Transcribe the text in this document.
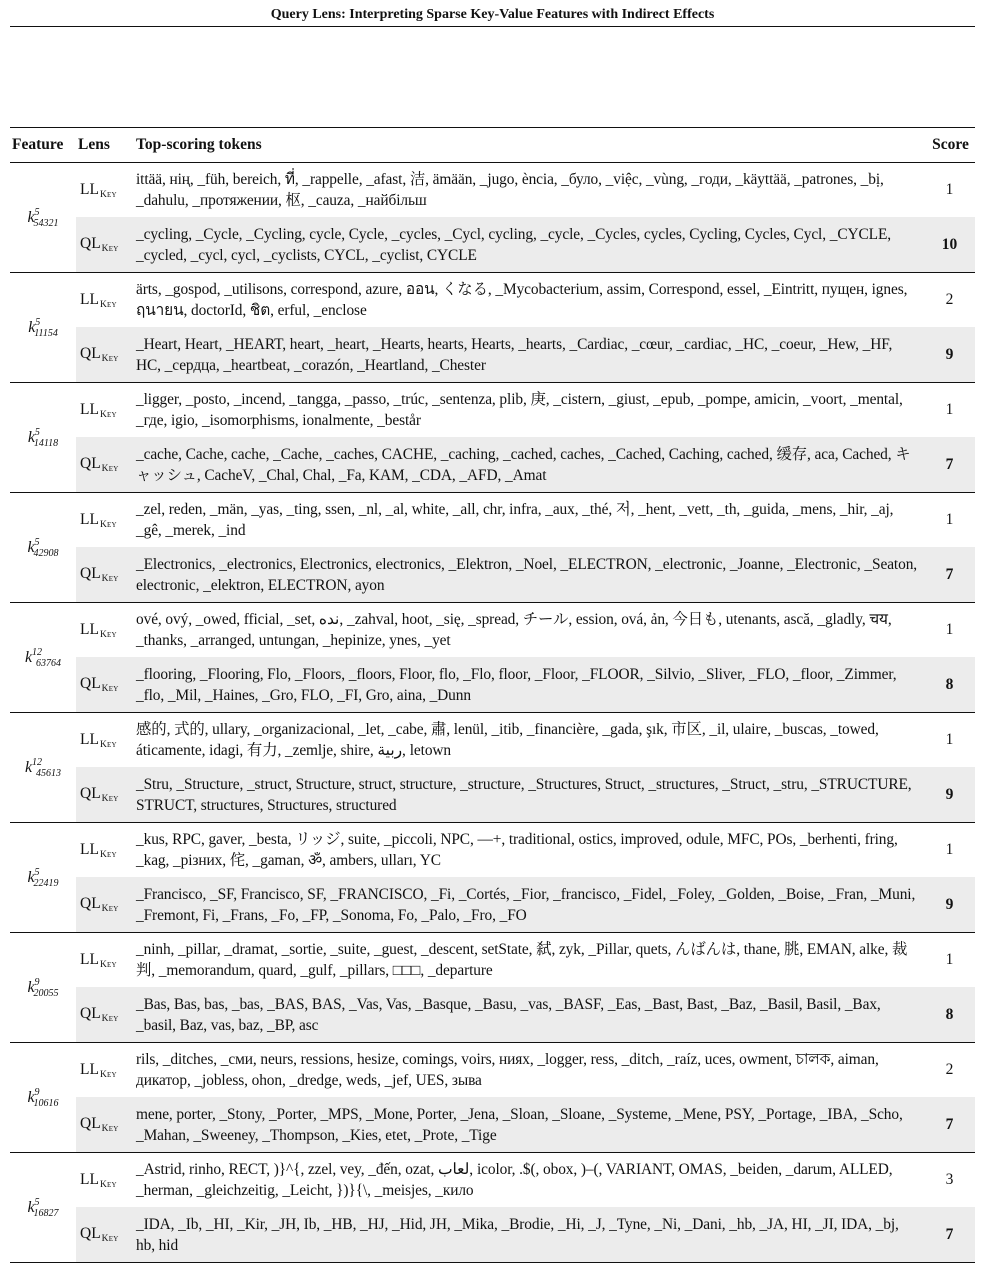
Query Lens: Interpreting Sparse Key-Value Features with Indirect Effects
Feature	Lens	Top-scoring tokens	Score
$k^5_{54321}$	$LL_{Key}$	ittää, нің, _füh, bereich, ที่, _rappelle, _afast, 洁, ämään, _jugo, ència, _було, _việc, _vùng, _годи, _käyttää, _patrones, _bị, _dahulu, _протяжении, 枢, _cauza, _найбільш	1
	$QL_{Key}$	_cycling, _Cycle, _Cycling, cycle, Cycle, _cycles, _Cycl, cycling, _cycle, _Cycles, cycles, Cycling, Cycles, Cycl, _CYCLE, _cycled, _cycl, cycl, _cyclists, CYCL, _cyclist, CYCLE	10
$k^5_{11154}$	$LL_{Key}$	ärts, _gospod, _utilisons, correspond, azure, ออน, くなる, _Mycobacterium, assim, Correspond, essel, _Eintritt, пущен, ignes, ฤนายน, doctorId, ชิต, erful, _enclose	2
	$QL_{Key}$	_Heart, Heart, _HEART, heart, _heart, _Hearts, hearts, Hearts, _hearts, _Cardiac, _cœur, _cardiac, _HC, _coeur, _Hew, _HF, HC, _сердца, _heartbeat, _corazón, _Heartland, _Chester	9
$k^5_{14118}$	$LL_{Key}$	_ligger, _posto, _incend, _tangga, _passo, _trúc, _sentenza, plib, 庚, _cistern, _giust, _epub, _pompe, amicin, _voort, _mental, _где, igio, _isomorphisms, ionalmente, _består	1
	$QL_{Key}$	_cache, Cache, cache, _Cache, _caches, CACHE, _caching, _cached, caches, _Cached, Caching, cached, 缓存, aca, Cached, キャッシュ, CacheV, _Chal, Chal, _Fa, KAM, _CDA, _AFD, _Amat	7
$k^5_{42908}$	$LL_{Key}$	_zel, reden, _män, _yas, _ting, ssen, _nl, _al, white, _all, chr, infra, _aux, _thé, 저, _hent, _vett, _th, _guida, _mens, _hir, _aj, _gê, _merek, _ind	1
	$QL_{Key}$	_Electronics, _electronics, Electronics, electronics, _Elektron, _Noel, _ELECTRON, _electronic, _Joanne, _Electronic, _Seaton, electronic, _elektron, ELECTRON, ayon	7
$k^{12}_{63764}$	$LL_{Key}$	ové, ový, _owed, fficial, _set, ندە, _zahval, hoot, _się, _spread, チール, ession, ová, ản, 今日も, utenants, ască, _gladly, चय, _thanks, _arranged, untungan, _hepinize, ynes, _yet	1
	$QL_{Key}$	_flooring, _Flooring, Flo, _Floors, _floors, Floor, flo, _Flo, floor, _Floor, _FLOOR, _Silvio, _Sliver, _FLO, _floor, _Zimmer, _flo, _Mil, _Haines, _Gro, FLO, _FI, Gro, aina, _Dunn	8
$k^{12}_{45613}$	$LL_{Key}$	感的, 式的, ullary, _organizacional, _let, _cabe, 肅, lenül, _itib, _financière, _gada, şık, 市区, _il, ulaire, _buscas, _towed, áticamente, idagi, 有力, _zemlje, shire, ربية, letown	1
	$QL_{Key}$	_Stru, _Structure, _struct, Structure, struct, structure, _structure, _Structures, Struct, _structures, _Struct, _stru, _STRUCTURE, STRUCT, structures, Structures, structured	9
$k^5_{22419}$	$LL_{Key}$	_kus, RPC, gaver, _besta, リッジ, suite, _piccoli, NPC, —+, traditional, ostics, improved, odule, MFC, POs, _berhenti, fring, _kag, _різних, 侘, _gaman, ॐ, ambers, ulları, YC	1
	$QL_{Key}$	_Francisco, _SF, Francisco, SF, _FRANCISCO, _Fi, _Cortés, _Fior, _francisco, _Fidel, _Foley, _Golden, _Boise, _Fran, _Muni, _Fremont, Fi, _Frans, _Fo, _FP, _Sonoma, Fo, _Palo, _Fro, _FO	9
$k^9_{20055}$	$LL_{Key}$	_ninh, _pillar, _dramat, _sortie, _suite, _guest, _descent, setState, 弑, zyk, _Pillar, quets, んばんは, thane, 朓, EMAN, alke, 裁判, _memorandum, quard, _gulf, _pillars, □□□, _departure	1
	$QL_{Key}$	_Bas, Bas, bas, _bas, _BAS, BAS, _Vas, Vas, _Basque, _Basu, _vas, _BASF, _Eas, _Bast, Bast, _Baz, _Basil, Basil, _Bax, _basil, Baz, vas, baz, _BP, asc	8
$k^9_{10616}$	$LL_{Key}$	rils, _ditches, _сми, neurs, ressions, hesize, comings, voirs, ниях, _logger, ress, _ditch, _raíz, uces, owment, চালক, aiman, дикатор, _jobless, ohon, _dredge, weds, _jef, UES, зыва	2
	$QL_{Key}$	mene, porter, _Stony, _Porter, _MPS, _Mone, Porter, _Jena, _Sloan, _Sloane, _Systeme, _Mene, PSY, _Portage, _IBA, _Scho, _Mahan, _Sweeney, _Thompson, _Kies, etet, _Prote, _Tige	7
$k^5_{16827}$	$LL_{Key}$	_Astrid, rinho, RECT, )}^{, zzel, vey, _đến, ozat, لعاب, icolor, .$(, obox, )–(, VARIANT, OMAS, _beiden, _darum, ALLED, _herman, _gleichzeitig, _Leicht, })}{\, _meisjes, _кило	3
	$QL_{Key}$	_IDA, _Ib, _HI, _Kir, _JH, Ib, _HB, _HJ, _Hid, JH, _Mika, _Brodie, _Hi, _J, _Tyne, _Ni, _Dani, _hb, _JA, HI, _JI, IDA, _bj, hb, hid	7
